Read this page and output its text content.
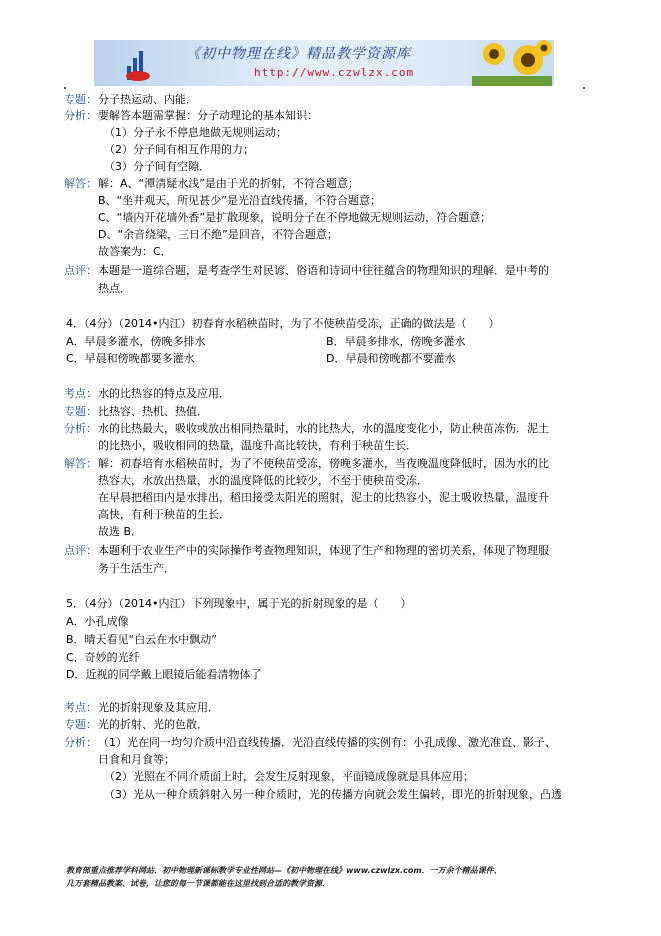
《初中物理在线》精品教学资源库
http://www.czwlzx.com
专题： 分子热运动、内能．
分析： 要解答本题需掌握：分子动理论的基本知识：
（1）分子永不停息地做无规则运动；
（2）分子间有相互作用的力；
（3）分子间有空隙．
解答： 解：A、“潭清疑水浅”是由于光的折射，不符合题意；
B、“坐井观天，所见甚少”是光沿直线传播，不符合题意；
C、“墙内开花墙外香”是扩散现象，说明分子在不停地做无规则运动，符合题意；
D、“余音绕梁，三日不绝”是回音，不符合题意；
故答案为：C．
点评： 本题是一道综合题，是考查学生对民谚、俗语和诗词中往往蕴含的物理知识的理解．是中考的
热点．
4．（4分）（2014•内江）初春育水稻秧苗时，为了不使秧苗受冻，正确的做法是（　　）
A．早晨多灌水，傍晚多排水	B．早晨多排水，傍晚多灌水
C．早晨和傍晚都要多灌水	D．早晨和傍晚都不要灌水
考点： 水的比热容的特点及应用．
专题： 比热容、热机、热值．
分析： 水的比热最大，吸收或放出相同热量时，水的比热大，水的温度变化小，防止秧苗冻伤．泥土
的比热小，吸收相同的热量，温度升高比较快，有利于秧苗生长．
解答： 解：初春培育水稻秧苗时，为了不使秧苗受冻，傍晚多灌水，当夜晚温度降低时，因为水的比
热容大，水放出热量，水的温度降低的比较少，不至于使秧苗受冻．
在早晨把稻田内是水排出，稻田接受太阳光的照射，泥土的比热容小，泥土吸收热量，温度升
高快，有利于秧苗的生长．
故选 B．
点评： 本题利于农业生产中的实际操作考查物理知识，体现了生产和物理的密切关系，体现了物理服
务于生活生产．
5．（4分）（2014•内江）下列现象中，属于光的折射现象的是（　　）
A．小孔成像
B．晴天看见“白云在水中飘动”
C．奇妙的光纤
D．近视的同学戴上眼镜后能看清物体了
考点： 光的折射现象及其应用．
专题： 光的折射、光的色散．
分析： （1）光在同一均匀介质中沿直线传播．光沿直线传播的实例有：小孔成像、激光准直、影子、
日食和月食等；
（2）光照在不同介质面上时，会发生反射现象，平面镜成像就是具体应用；
（3）光从一种介质斜射入另一种介质时，光的传播方向就会发生偏转，即光的折射现象，凸透
教育部重点推荐学科网站．初中物理新课标教学专业性网站—《初中物理在线》www.czwlzx.com．一万余个精品课件、
几万套精品教案、试卷，让您的每一节课都能在这里找到合适的教学资源．
